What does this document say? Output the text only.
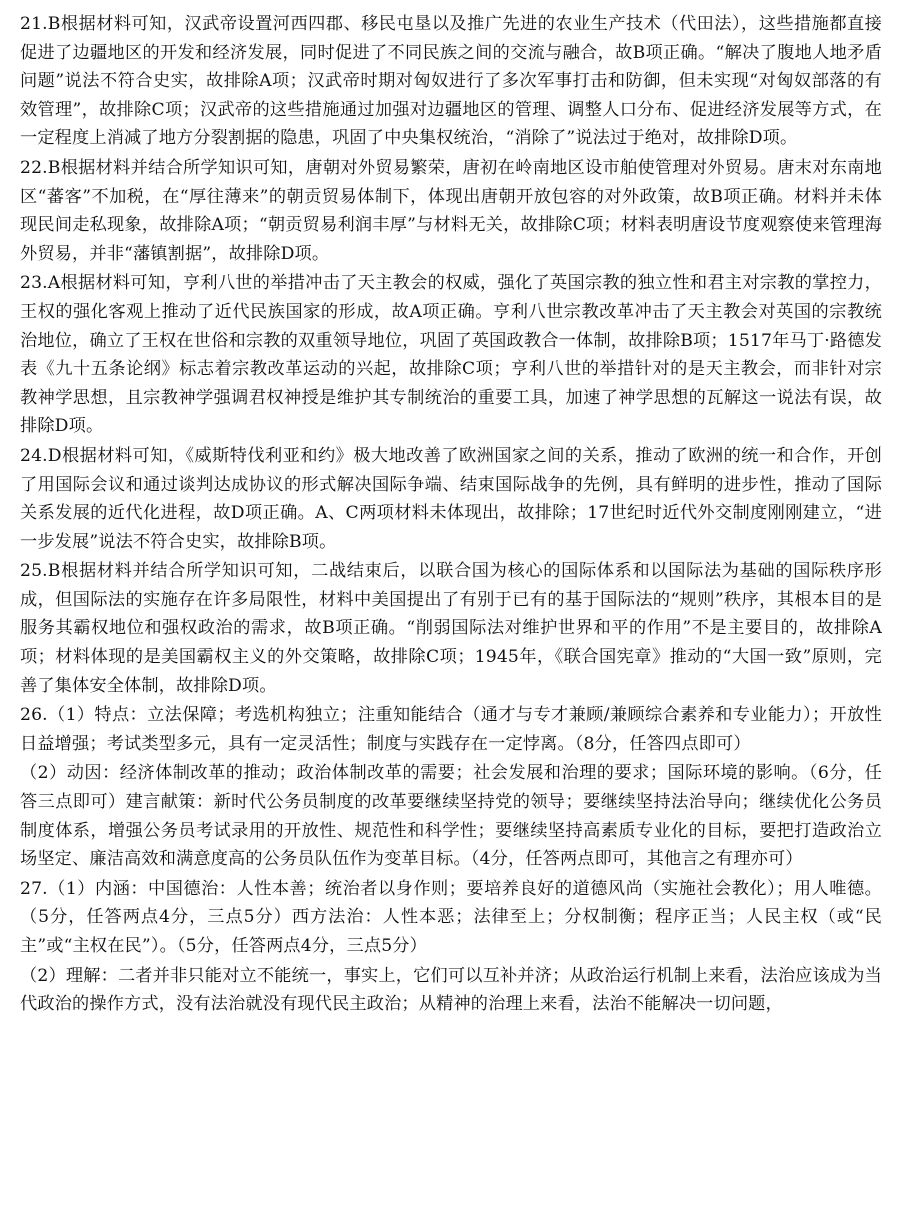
21.B根据材料可知，汉武帝设置河西四郡、移民屯垦以及推广先进的农业生产技术（代田法），这些措施都直接促进了边疆地区的开发和经济发展，同时促进了不同民族之间的交流与融合，故B项正确。“解决了腹地人地矛盾问题”说法不符合史实，故排除A项；汉武帝时期对匈奴进行了多次军事打击和防御，但未实现“对匈奴部落的有效管理”，故排除C项；汉武帝的这些措施通过加强对边疆地区的管理、调整人口分布、促进经济发展等方式，在一定程度上消减了地方分裂割据的隐患，巩固了中央集权统治，“消除了”说法过于绝对，故排除D项。

22.B根据材料并结合所学知识可知，唐朝对外贸易繁荣，唐初在岭南地区设市舶使管理对外贸易。唐末对东南地区“蕃客”不加税，在“厚往薄来”的朝贡贸易体制下，体现出唐朝开放包容的对外政策，故B项正确。材料并未体现民间走私现象，故排除A项；“朝贡贸易利润丰厚”与材料无关，故排除C项；材料表明唐设节度观察使来管理海外贸易，并非“藩镇割据”，故排除D项。

23.A根据材料可知，亨利八世的举措冲击了天主教会的权威，强化了英国宗教的独立性和君主对宗教的掌控力，王权的强化客观上推动了近代民族国家的形成，故A项正确。亨利八世宗教改革冲击了天主教会对英国的宗教统治地位，确立了王权在世俗和宗教的双重领导地位，巩固了英国政教合一体制，故排除B项；1517年马丁·路德发表《九十五条论纲》标志着宗教改革运动的兴起，故排除C项；亨利八世的举措针对的是天主教会，而非针对宗教神学思想，且宗教神学强调君权神授是维护其专制统治的重要工具，加速了神学思想的瓦解这一说法有误，故排除D项。

24.D根据材料可知，《威斯特伐利亚和约》极大地改善了欧洲国家之间的关系，推动了欧洲的统一和合作，开创了用国际会议和通过谈判达成协议的形式解决国际争端、结束国际战争的先例，具有鲜明的进步性，推动了国际关系发展的近代化进程，故D项正确。A、C两项材料未体现出，故排除；17世纪时近代外交制度刚刚建立，“进一步发展”说法不符合史实，故排除B项。

25.B根据材料并结合所学知识可知，二战结束后，以联合国为核心的国际体系和以国际法为基础的国际秩序形成，但国际法的实施存在许多局限性，材料中美国提出了有别于已有的基于国际法的“规则”秩序，其根本目的是服务其霸权地位和强权政治的需求，故B项正确。“削弱国际法对维护世界和平的作用”不是主要目的，故排除A项；材料体现的是美国霸权主义的外交策略，故排除C项；1945年，《联合国宪章》推动的“大国一致”原则，完善了集体安全体制，故排除D项。

26.（1）特点：立法保障；考选机构独立；注重知能结合（通才与专才兼顾/兼顾综合素养和专业能力）；开放性日益增强；考试类型多元，具有一定灵活性；制度与实践存在一定悖离。（8分，任答四点即可）

（2）动因：经济体制改革的推动；政治体制改革的需要；社会发展和治理的要求；国际环境的影响。（6分，任答三点即可）建言献策：新时代公务员制度的改革要继续坚持党的领导；要继续坚持法治导向；继续优化公务员制度体系，增强公务员考试录用的开放性、规范性和科学性；要继续坚持高素质专业化的目标，要把打造政治立场坚定、廉洁高效和满意度高的公务员队伍作为变革目标。（4分，任答两点即可，其他言之有理亦可）

27.（1）内涵：中国德治：人性本善；统治者以身作则；要培养良好的道德风尚（实施社会教化）；用人唯德。（5分，任答两点4分，三点5分）西方法治：人性本恶；法律至上；分权制衡；程序正当；人民主权（或“民主”或“主权在民”）。（5分，任答两点4分，三点5分）

（2）理解：二者并非只能对立不能统一，事实上，它们可以互补并济；从政治运行机制上来看，法治应该成为当代政治的操作方式，没有法治就没有现代民主政治；从精神的治理上来看，法治不能解决一切问题，
